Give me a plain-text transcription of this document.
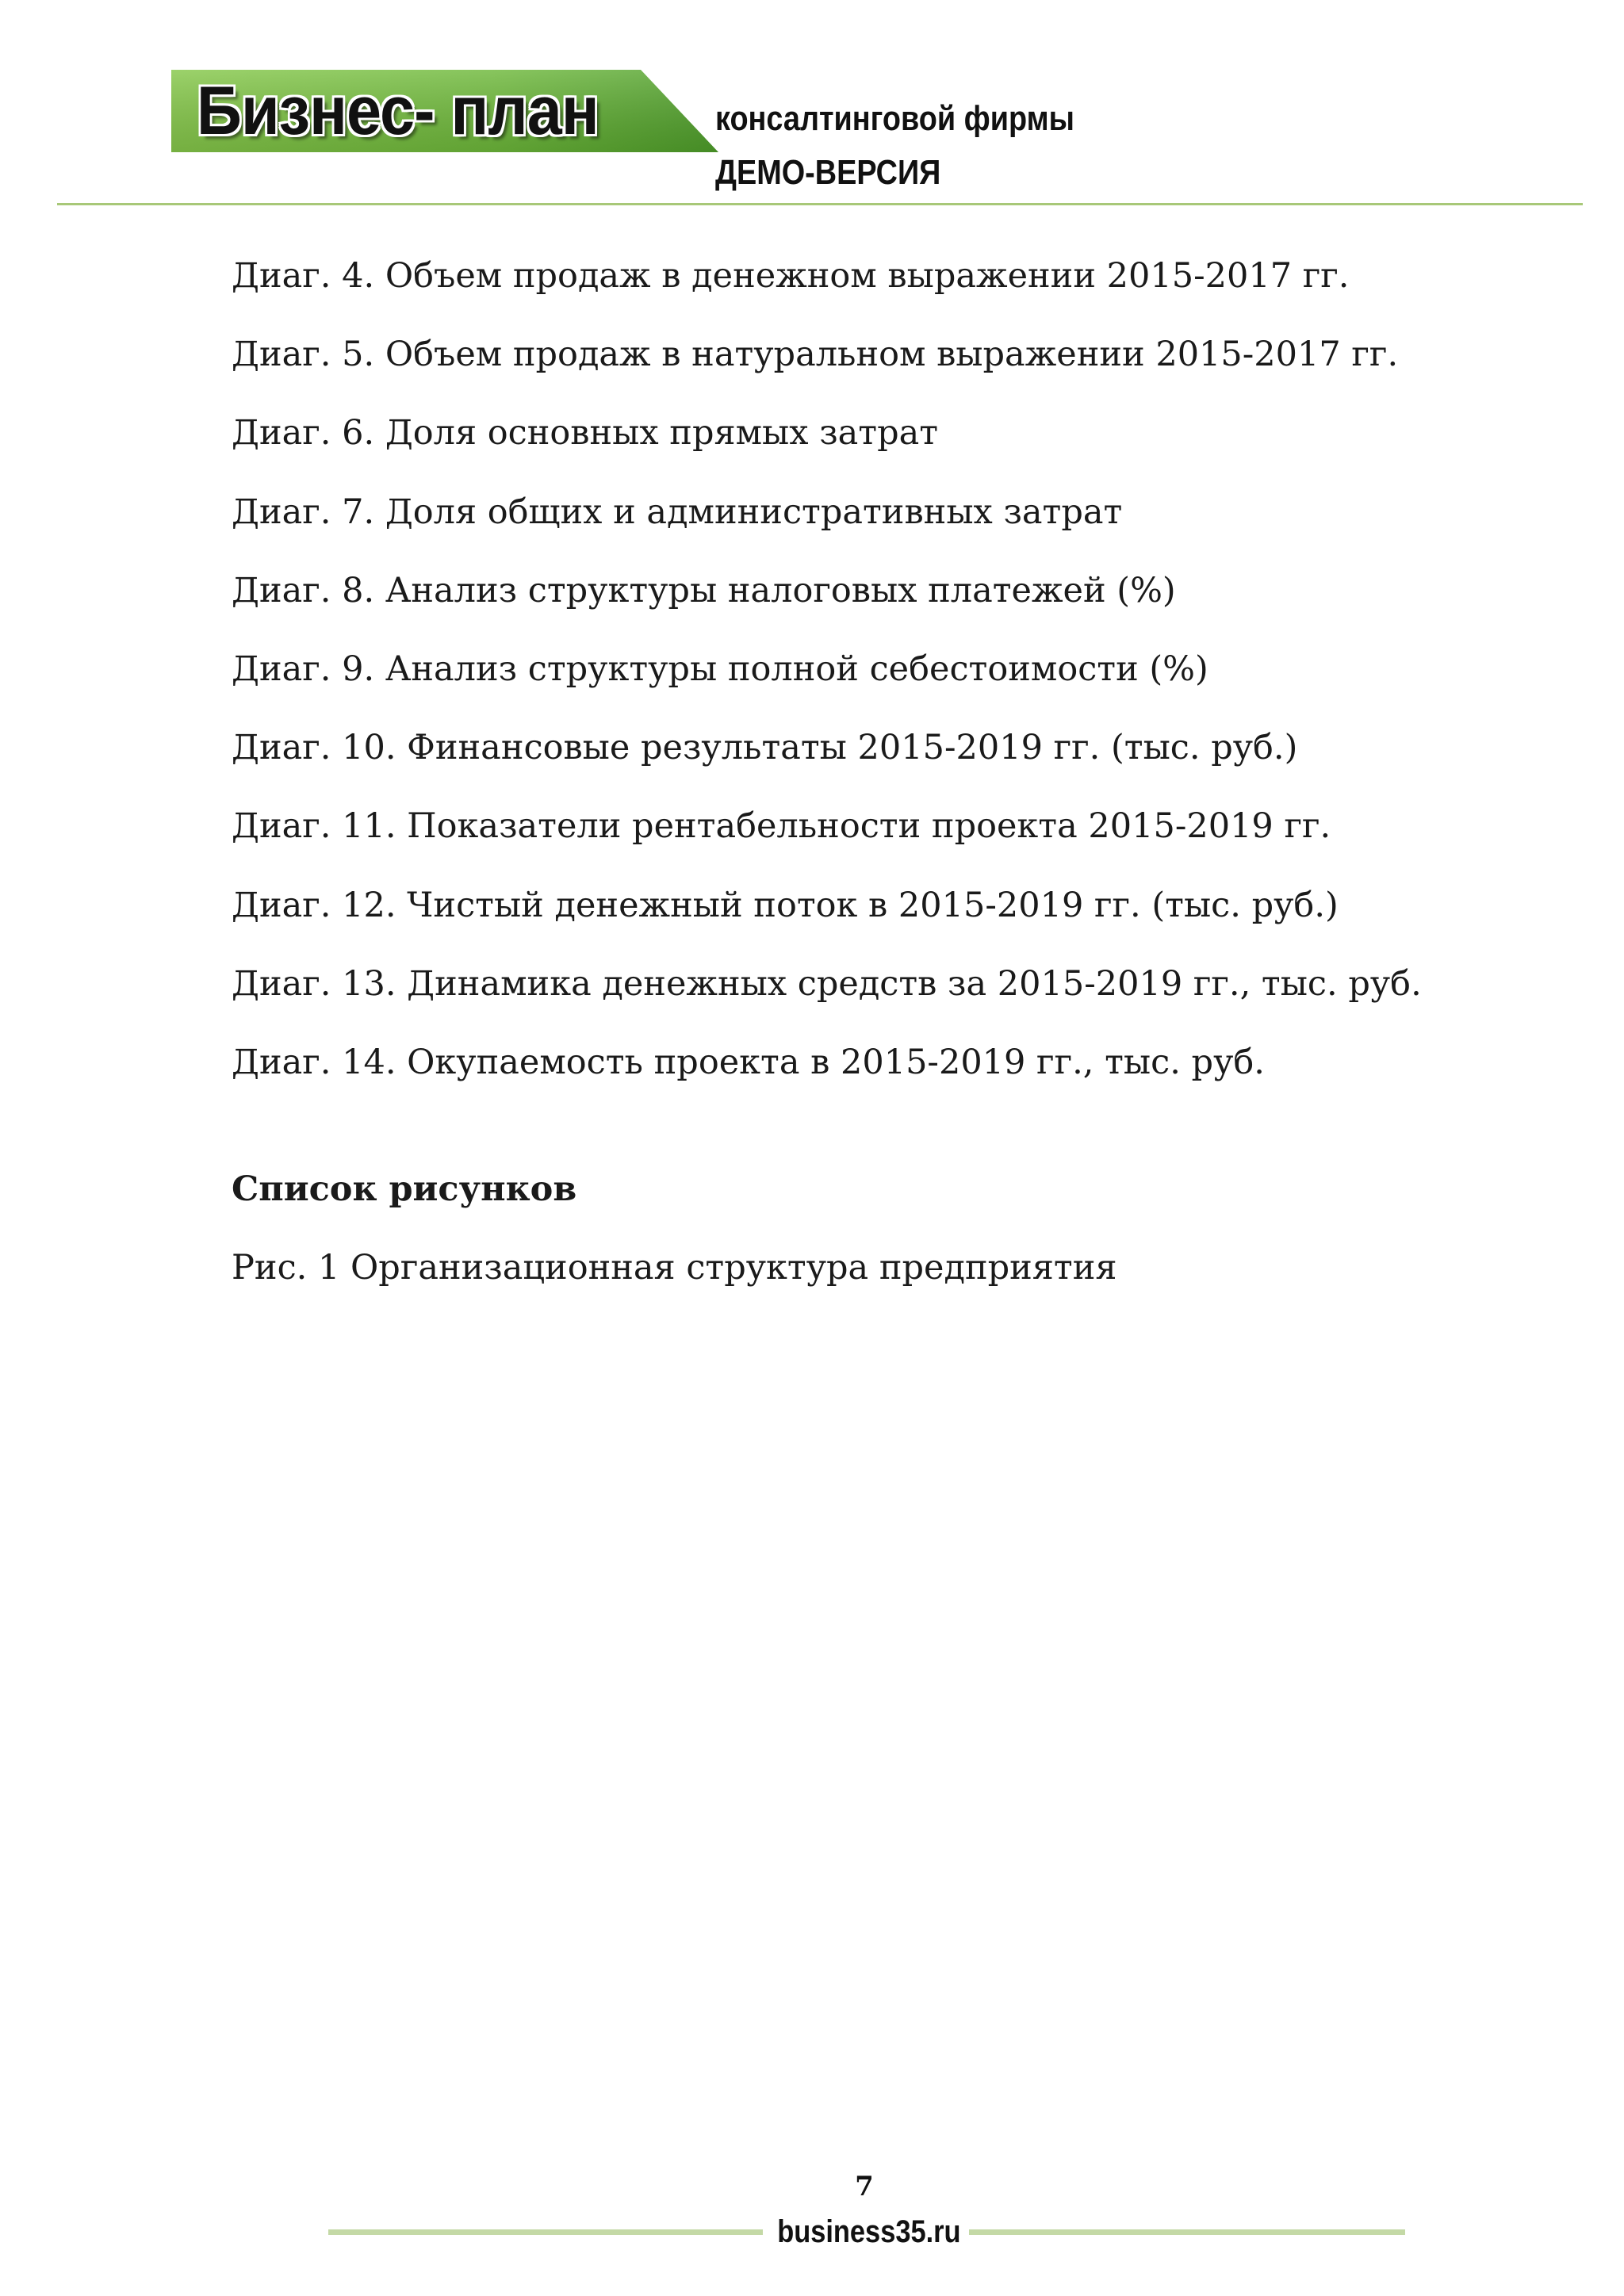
Бизнес- план	консалтинговой фирмы
ДЕМО-ВЕРСИЯ
Диаг. 4. Объем продаж в денежном выражении 2015-2017 гг.
Диаг. 5. Объем продаж в натуральном выражении 2015-2017 гг.
Диаг. 6. Доля основных прямых затрат
Диаг. 7. Доля общих и административных затрат
Диаг. 8. Анализ структуры налоговых платежей (%)
Диаг. 9. Анализ структуры полной себестоимости (%)
Диаг. 10. Финансовые результаты 2015-2019 гг. (тыс. руб.)
Диаг. 11. Показатели рентабельности проекта 2015-2019 гг.
Диаг. 12. Чистый денежный поток в 2015-2019 гг. (тыс. руб.)
Диаг. 13. Динамика денежных средств за 2015-2019 гг., тыс. руб.
Диаг. 14. Окупаемость проекта в 2015-2019 гг., тыс. руб.
Список рисунков
Рис. 1 Организационная структура предприятия
7
business35.ru
